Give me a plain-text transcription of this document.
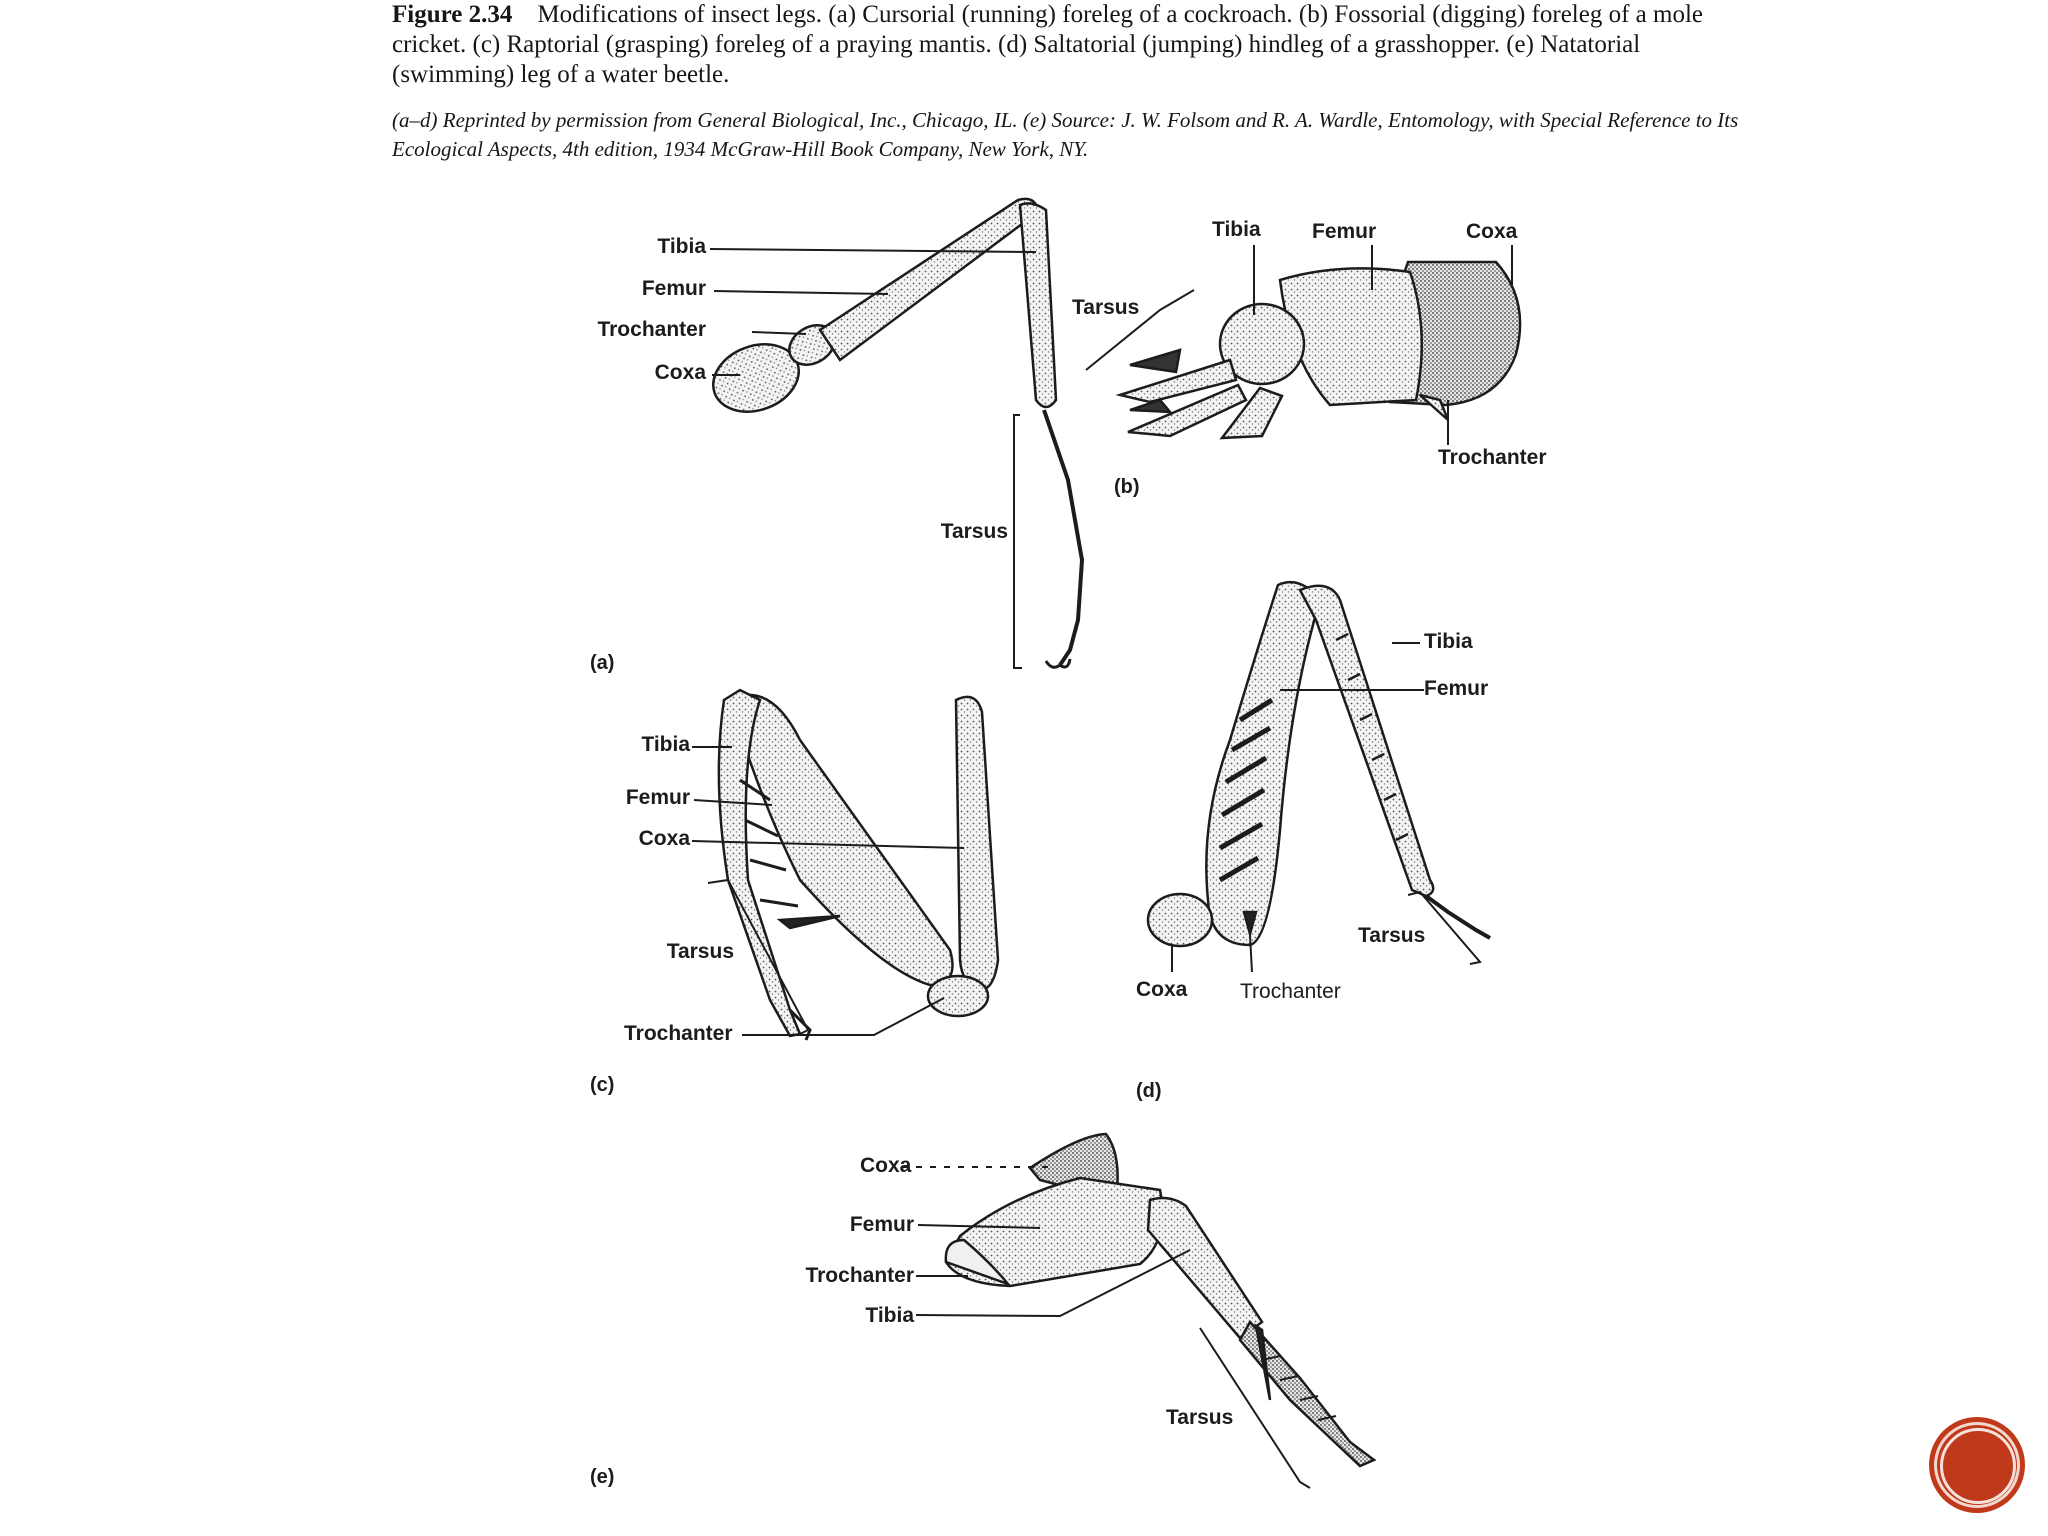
Figure 2.34 Modifications of insect legs. (a) Cursorial (running) foreleg of a cockroach. (b) Fossorial (digging) foreleg of a mole cricket. (c) Raptorial (grasping) foreleg of a praying mantis. (d) Saltatorial (jumping) hindleg of a grasshopper. (e) Natatorial (swimming) leg of a water beetle.
(a–d) Reprinted by permission from General Biological, Inc., Chicago, IL. (e) Source: J. W. Folsom and R. A. Wardle, Entomology, with Special Reference to Its Ecological Aspects, 4th edition, 1934 McGraw-Hill Book Company, New York, NY.
Tibia
Femur
Trochanter
Coxa
Tarsus
(a)
Tibia Femur	Coxa
Tarsus
Trochanter
(b)
Tibia
Femur
Coxa
Tarsus
Trochanter
(c)
Tibia
Femur
Tarsus
Coxa	Trochanter
(d)
Coxa
Femur
Trochanter
Tibia
Tarsus
(e)
